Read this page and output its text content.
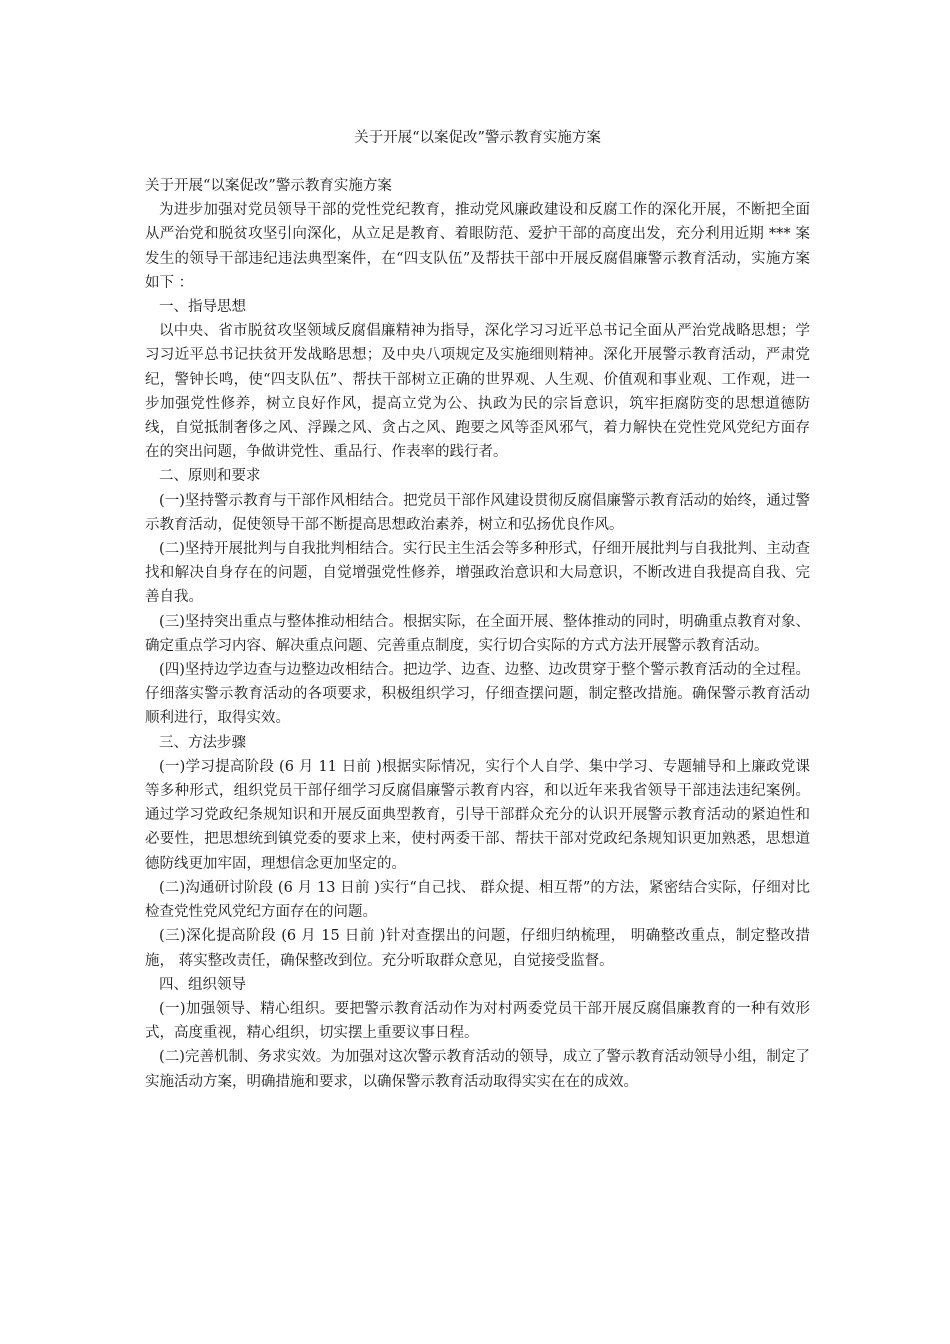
关于开展“以案促改”警示教育实施方案

关于开展“以案促改”警示教育实施方案

为进步加强对党员领导干部的党性党纪教育，推动党风廉政建设和反腐工作的深化开展，不断把全面从严治党和脱贫攻坚引向深化，从立足是教育、着眼防范、爱护干部的高度出发，充分利用近期 *** 案发生的领导干部违纪违法典型案件，在“四支队伍”及帮扶干部中开展反腐倡廉警示教育活动，实施方案如下 ：

一、指导思想

以中央、省市脱贫攻坚领域反腐倡廉精神为指导，深化学习习近平总书记全面从严治党战略思想；学习习近平总书记扶贫开发战略思想；及中央八项规定及实施细则精神。深化开展警示教育活动，严肃党纪，警钟长鸣，使“四支队伍”、帮扶干部树立正确的世界观、人生观、价值观和事业观、工作观，进一步加强党性修养，树立良好作风，提高立党为公、执政为民的宗旨意识，筑牢拒腐防变的思想道德防线，自觉抵制奢侈之风、浮躁之风、贪占之风、跑要之风等歪风邪气，着力解快在党性党风党纪方面存在的突出问题，争做讲党性、重品行、作表率的践行者。

二、原则和要求

(一)坚持警示教育与干部作风相结合。把党员干部作风建设贯彻反腐倡廉警示教育活动的始终，通过警示教育活动，促使领导干部不断提高思想政治素养，树立和弘扬优良作风。

(二)坚持开展批判与自我批判相结合。实行民主生活会等多种形式，仔细开展批判与自我批判、主动查找和解决自身存在的问题，自觉增强党性修养，增强政治意识和大局意识，不断改进自我提高自我、完善自我。

(三)坚持突出重点与整体推动相结合。根据实际，在全面开展、整体推动的同时，明确重点教育对象、确定重点学习内容、解决重点问题、完善重点制度，实行切合实际的方式方法开展警示教育活动。

(四)坚持边学边查与边整边改相结合。把边学、边查、边整、边改贯穿于整个警示教育活动的全过程。仔细落实警示教育活动的各项要求，积极组织学习，仔细查摆问题，制定整改措施。确保警示教育活动顺利进行，取得实效。

三、方法步骤

(一)学习提高阶段 (6 月 11 日前 )根据实际情况，实行个人自学、集中学习、专题辅导和上廉政党课等多种形式，组织党员干部仔细学习反腐倡廉警示教育内容，和以近年来我省领导干部违法违纪案例。通过学习党政纪条规知识和开展反面典型教育，引导干部群众充分的认识开展警示教育活动的紧迫性和必要性，把思想统到镇党委的要求上来，使村两委干部、帮扶干部对党政纪条规知识更加熟悉，思想道德防线更加牢固，理想信念更加坚定的。

(二)沟通研讨阶段 (6 月 13 日前 )实行“自己找、 群众提、相互帮”的方法，紧密结合实际，仔细对比检查党性党风党纪方面存在的问题。

(三)深化提高阶段 (6 月 15 日前 )针对查摆出的问题，仔细归纳梳理， 明确整改重点，制定整改措施， 蒋实整改责任，确保整改到位。充分听取群众意见，自觉接受监督。

四、组织领导

(一)加强领导、精心组织。要把警示教育活动作为对村两委党员干部开展反腐倡廉教育的一种有效形式，高度重视，精心组织，切实摆上重要议事日程。

(二)完善机制、务求实效。为加强对这次警示教育活动的领导，成立了警示教育活动领导小组，制定了实施活动方案，明确措施和要求，以确保警示教育活动取得实实在在的成效。
